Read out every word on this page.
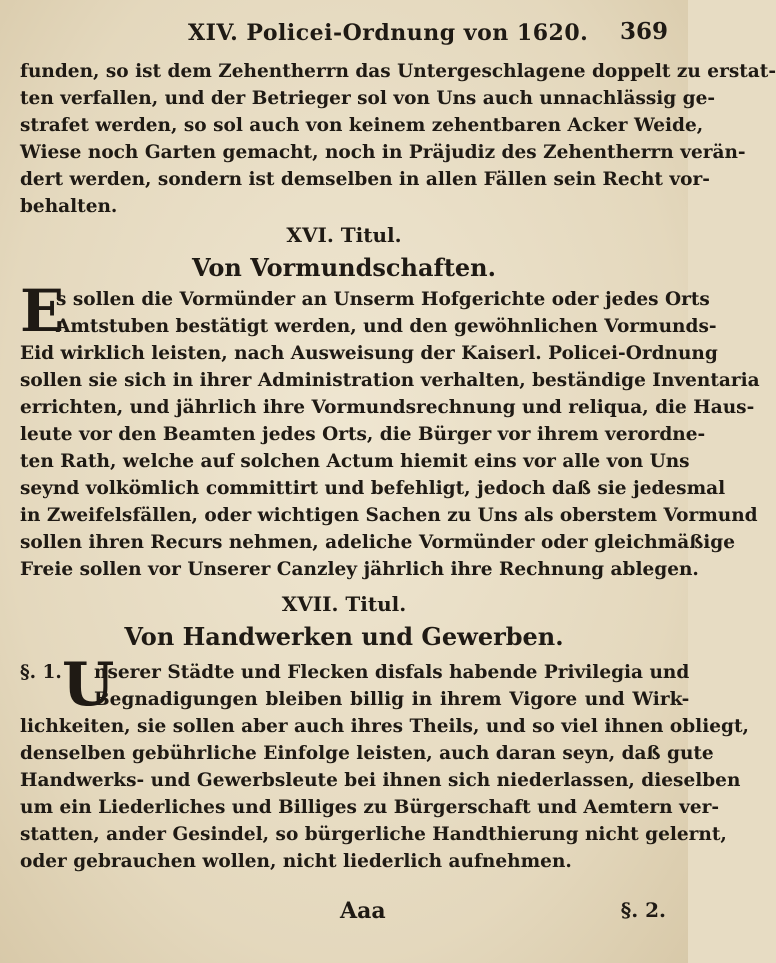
XIV. Policei-Ordnung von 1620. 369
funden, so ist dem Zehentherrn das Untergeschlagene doppelt zu erstat-
ten verfallen, und der Betrieger sol von Uns auch unnachlässig ge-
strafet werden, so sol auch von keinem zehentbaren Acker Weide,
Wiese noch Garten gemacht, noch in Präjudiz des Zehentherrn verän-
dert werden, sondern ist demselben in allen Fällen sein Recht vor-
behalten.
XVI. Titul.
Von Vormundschaften.
E
s sollen die Vormünder an Unserm Hofgerichte oder jedes Orts
Amtstuben bestätigt werden, und den gewöhnlichen Vormunds-
Eid wirklich leisten, nach Ausweisung der Kaiserl. Policei-Ordnung
sollen sie sich in ihrer Administration verhalten, beständige Inventaria
errichten, und jährlich ihre Vormundsrechnung und reliqua, die Haus-
leute vor den Beamten jedes Orts, die Bürger vor ihrem verordne-
ten Rath, welche auf solchen Actum hiemit eins vor alle von Uns
seynd volkömlich committirt und befehligt, jedoch daß sie jedesmal
in Zweifelsfällen, oder wichtigen Sachen zu Uns als oberstem Vormund
sollen ihren Recurs nehmen, adeliche Vormünder oder gleichmäßige
Freie sollen vor Unserer Canzley jährlich ihre Rechnung ablegen.
XVII. Titul.
Von Handwerken und Gewerben.
§. 1. U
nserer Städte und Flecken disfals habende Privilegia und
Begnadigungen bleiben billig in ihrem Vigore und Wirk-
lichkeiten, sie sollen aber auch ihres Theils, und so viel ihnen obliegt,
denselben gebührliche Einfolge leisten, auch daran seyn, daß gute
Handwerks- und Gewerbsleute bei ihnen sich niederlassen, dieselben
um ein Liederliches und Billiges zu Bürgerschaft und Aemtern ver-
statten, ander Gesindel, so bürgerliche Handthierung nicht gelernt,
oder gebrauchen wollen, nicht liederlich aufnehmen.
Aaa	§. 2.
